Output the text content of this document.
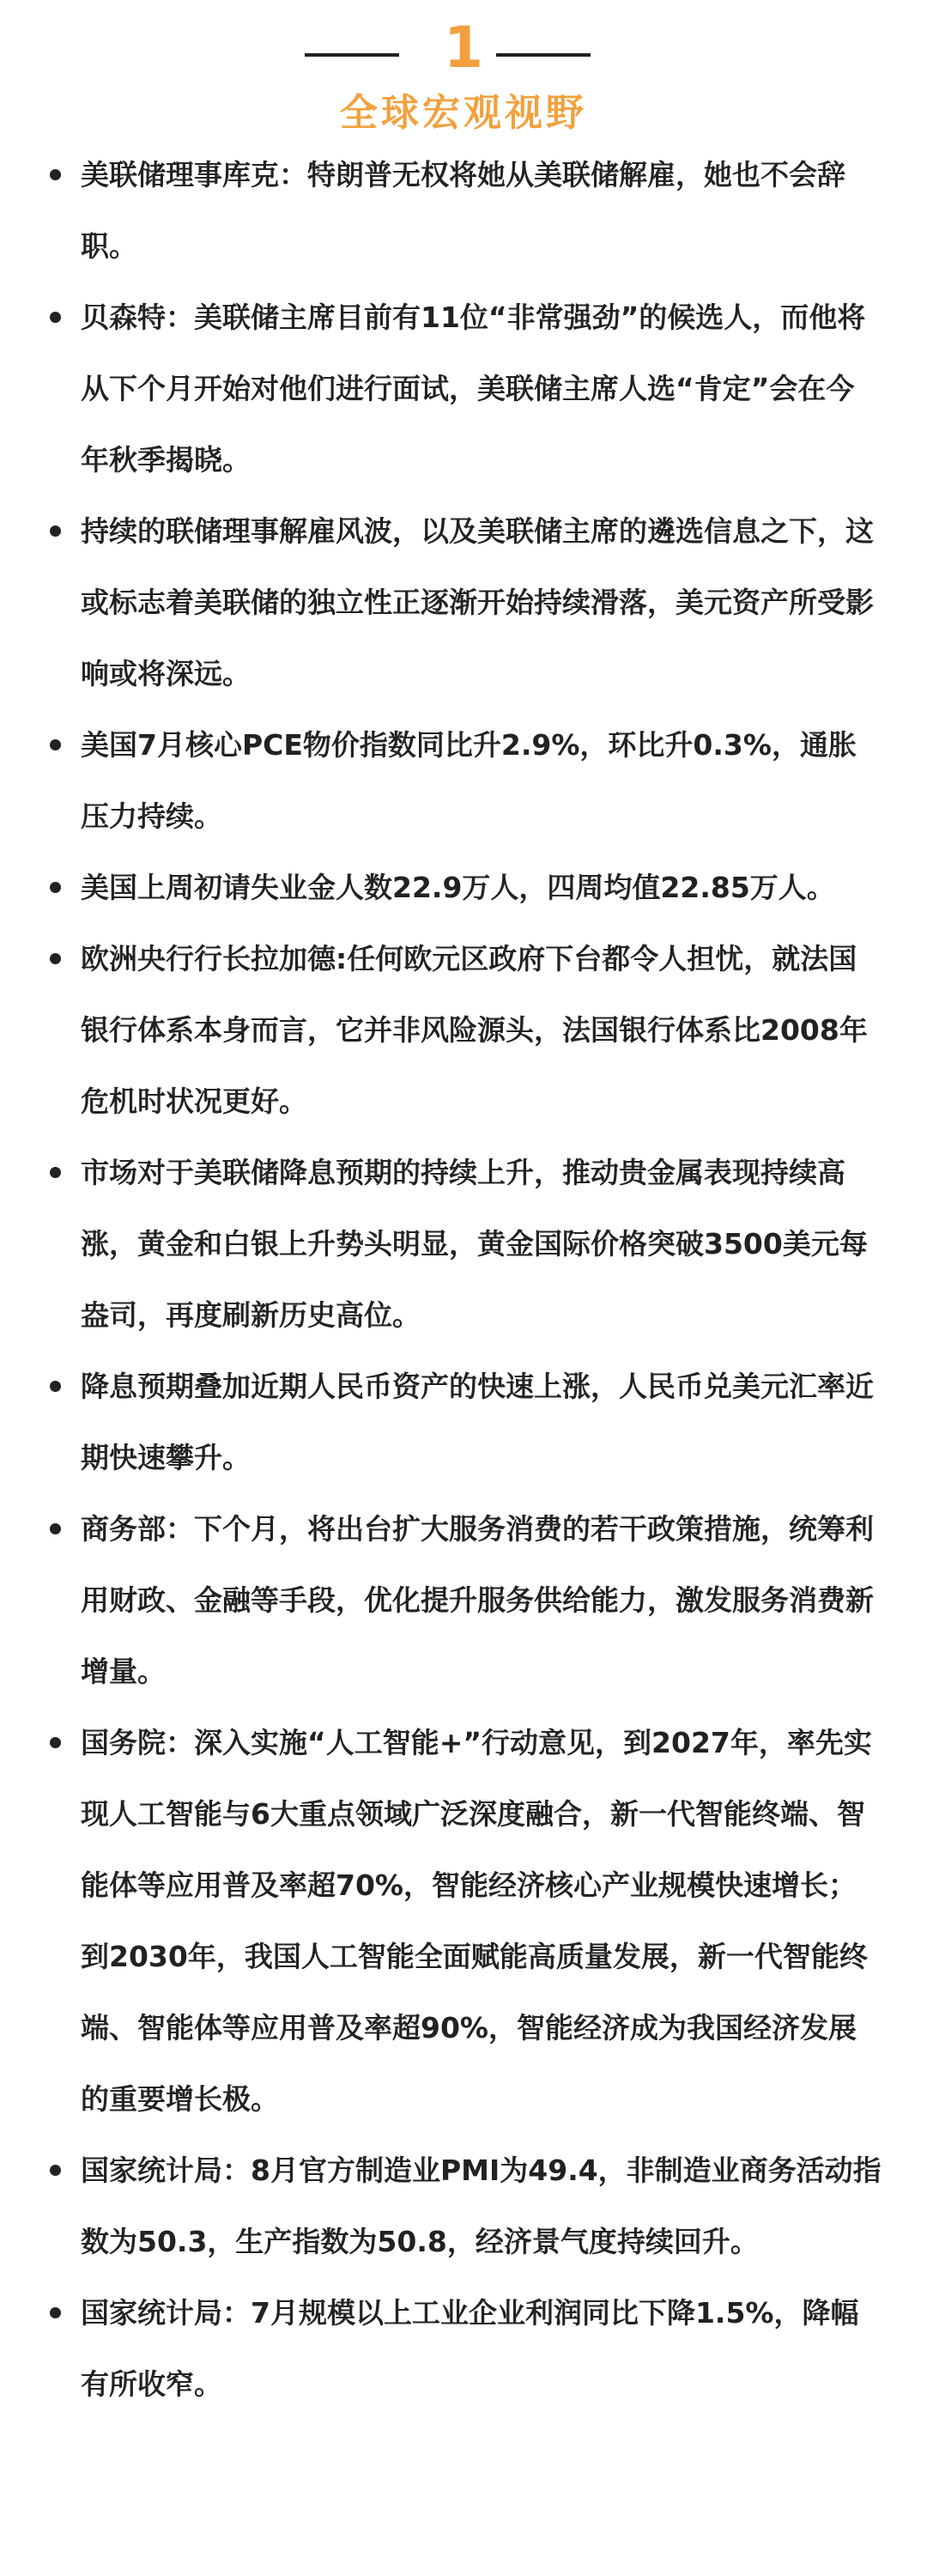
1
全球宏观视野
美联储理事库克：特朗普无权将她从美联储解雇，她也不会辞职。
贝森特：美联储主席目前有11位“非常强劲”的候选人，而他将从下个月开始对他们进行面试，美联储主席人选“肯定”会在今年秋季揭晓。
持续的联储理事解雇风波，以及美联储主席的遴选信息之下，这或标志着美联储的独立性正逐渐开始持续滑落，美元资产所受影响或将深远。
美国7月核心PCE物价指数同比升2.9%，环比升0.3%，通胀压力持续。
美国上周初请失业金人数22.9万人，四周均值22.85万人。
欧洲央行行长拉加德:任何欧元区政府下台都令人担忧，就法国银行体系本身而言，它并非风险源头，法国银行体系比2008年危机时状况更好。
市场对于美联储降息预期的持续上升，推动贵金属表现持续高涨，黄金和白银上升势头明显，黄金国际价格突破3500美元每盎司，再度刷新历史高位。
降息预期叠加近期人民币资产的快速上涨，人民币兑美元汇率近期快速攀升。
商务部：下个月，将出台扩大服务消费的若干政策措施，统筹利用财政、金融等手段，优化提升服务供给能力，激发服务消费新增量。
国务院：深入实施“人工智能+”行动意见，到2027年，率先实现人工智能与6大重点领域广泛深度融合，新一代智能终端、智能体等应用普及率超70%，智能经济核心产业规模快速增长；到2030年，我国人工智能全面赋能高质量发展，新一代智能终端、智能体等应用普及率超90%，智能经济成为我国经济发展的重要增长极。
国家统计局：8月官方制造业PMI为49.4，非制造业商务活动指数为50.3，生产指数为50.8，经济景气度持续回升。
国家统计局：7月规模以上工业企业利润同比下降1.5%，降幅有所收窄。
